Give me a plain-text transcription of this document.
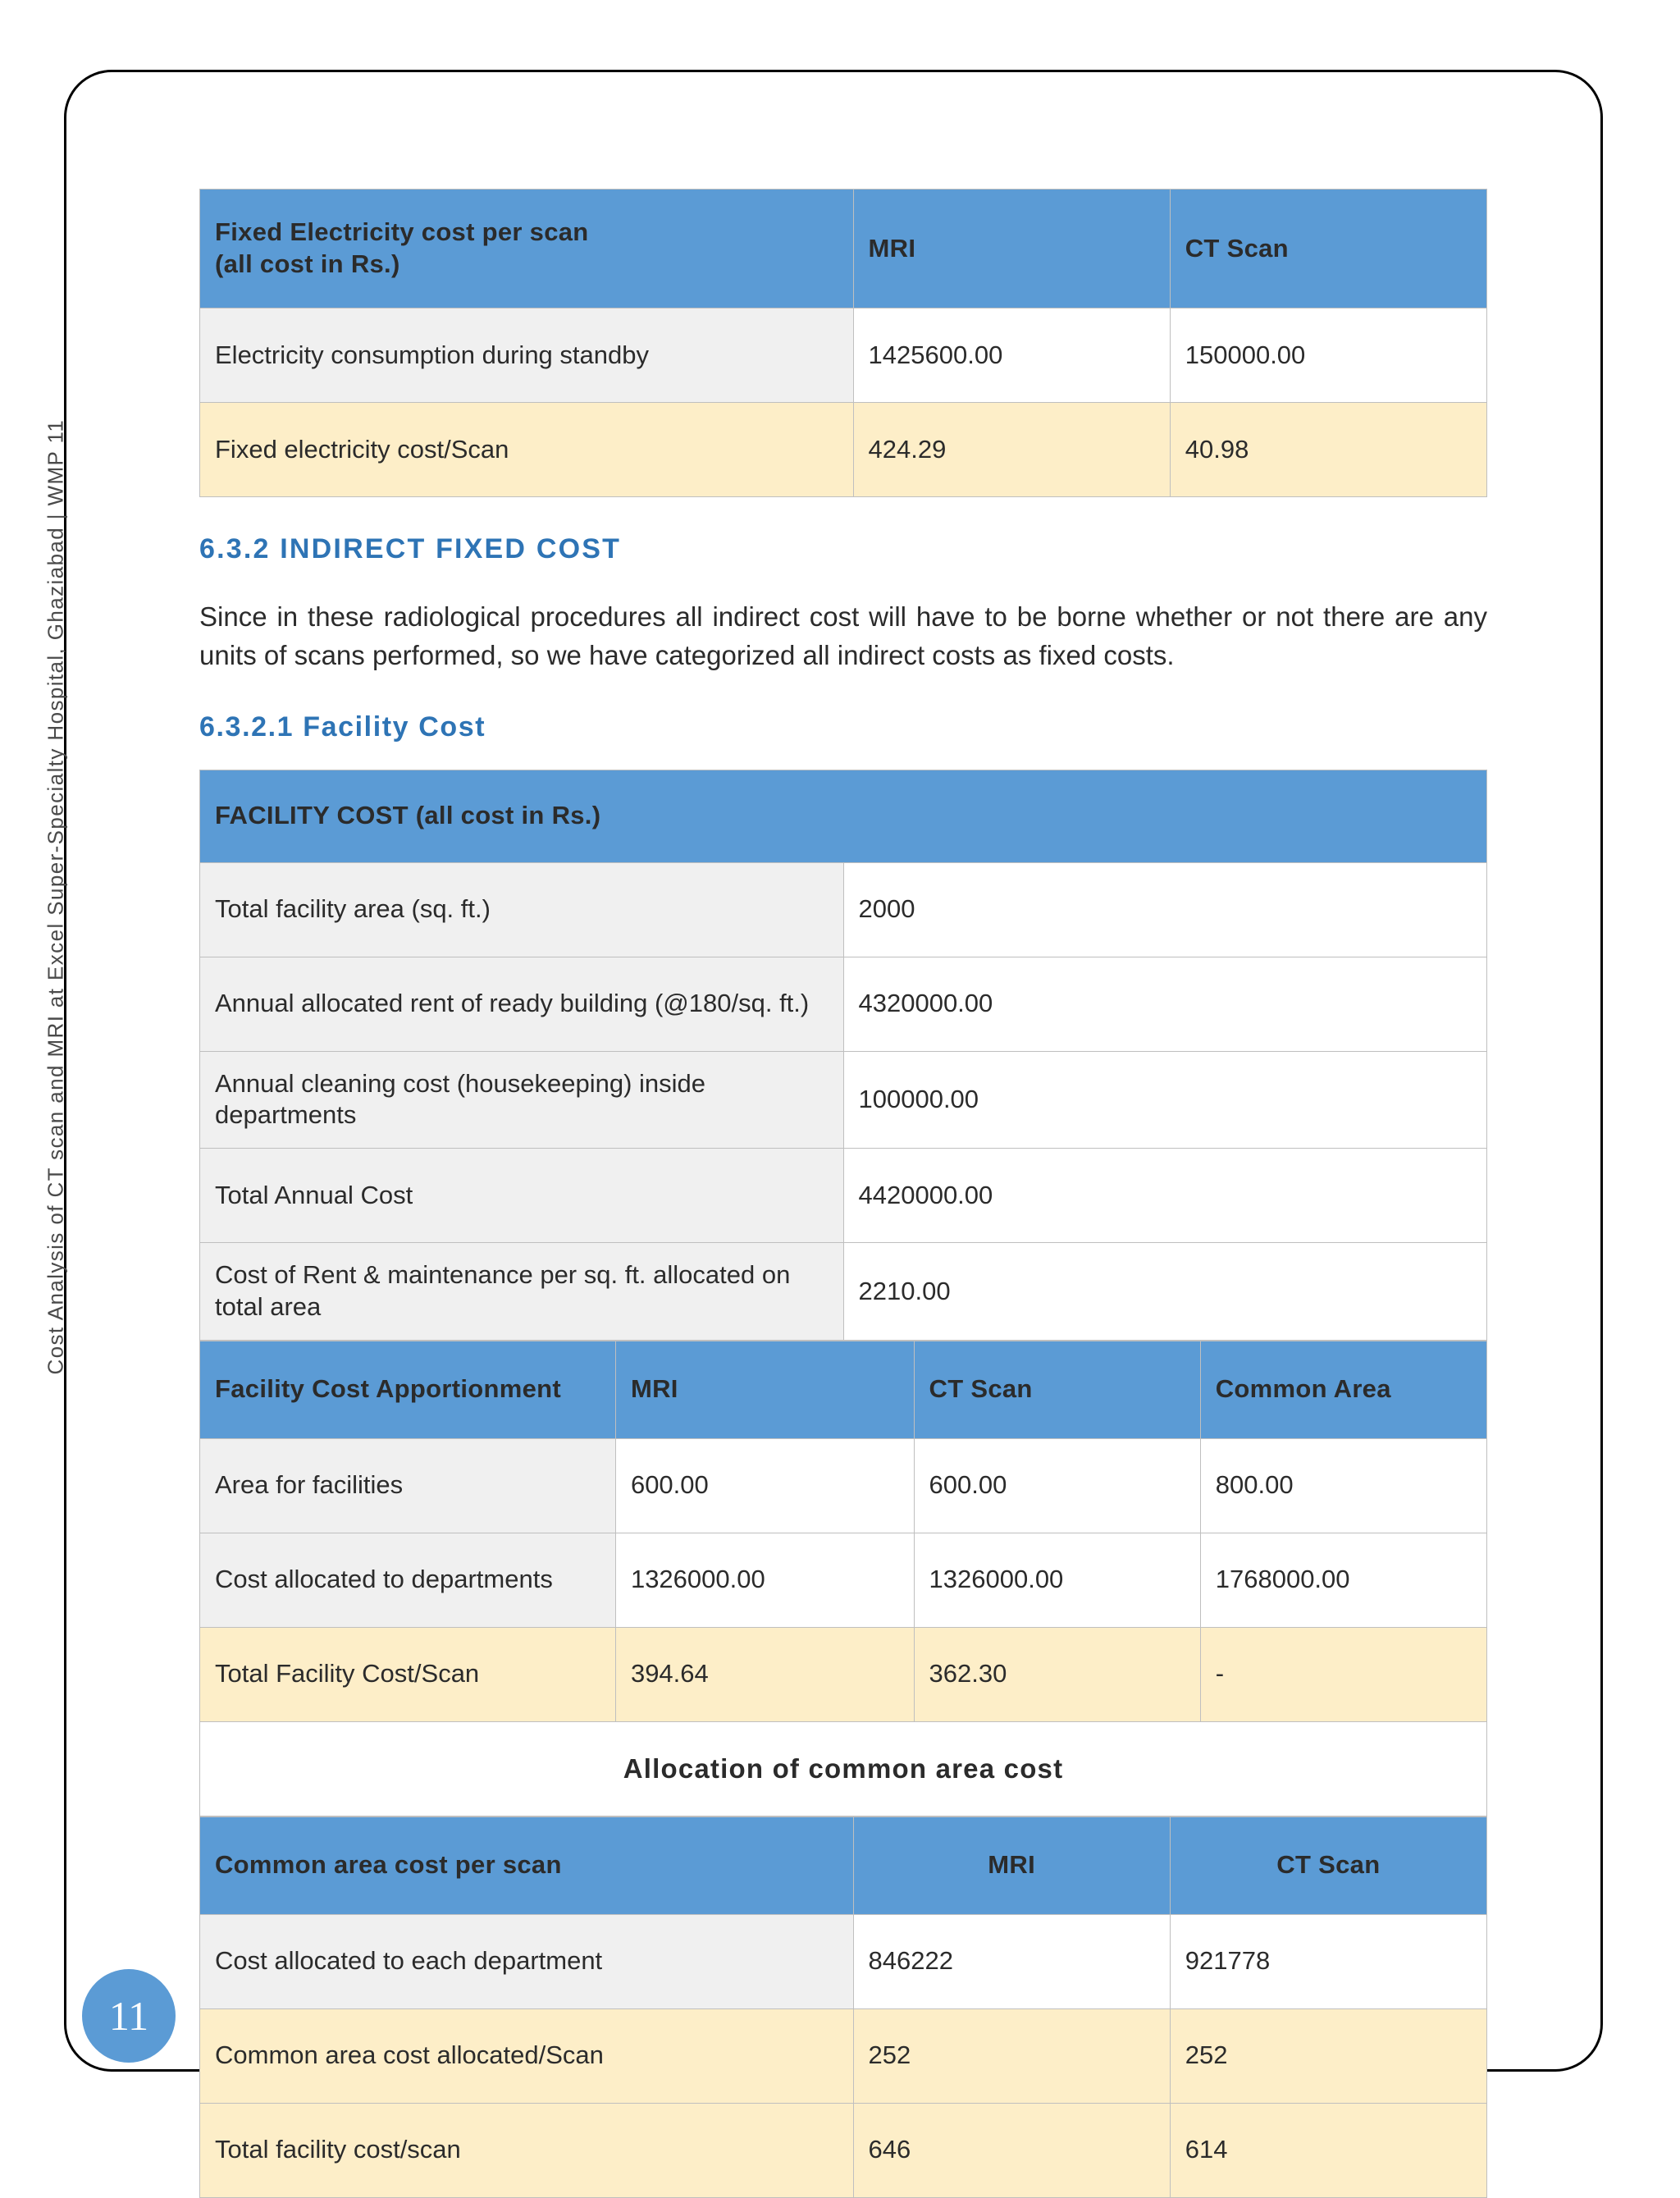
Cost Analysis of CT scan and MRI at Excel Super-Specialty Hospital, Ghaziabad | WMP 11
11
Fixed Electricity cost per scan
(all cost in Rs.)	MRI	CT Scan
Electricity consumption during standby	1425600.00	150000.00
Fixed electricity cost/Scan	424.29	40.98
6.3.2 INDIRECT FIXED COST

Since in these radiological procedures all indirect cost will have to be borne whether or not there are any units of scans performed, so we have categorized all indirect costs as fixed costs.

6.3.2.1 Facility Cost
FACILITY COST (all cost in Rs.)	
Total facility area (sq. ft.)	2000
Annual allocated rent of ready building (@180/sq. ft.)	4320000.00
Annual cleaning cost (housekeeping) inside departments	100000.00
Total Annual Cost	4420000.00
Cost of Rent & maintenance per sq. ft. allocated on total area	2210.00
Facility Cost Apportionment	MRI	CT Scan	Common Area
Area for facilities	600.00	600.00	800.00
Cost allocated to departments	1326000.00	1326000.00	1768000.00
Total Facility Cost/Scan	394.64	362.30	-
Allocation of common area cost			
Common area cost per scan	MRI	CT Scan
Cost allocated to each department	846222	921778
Common area cost allocated/Scan	252	252
Total facility cost/scan	646	614
